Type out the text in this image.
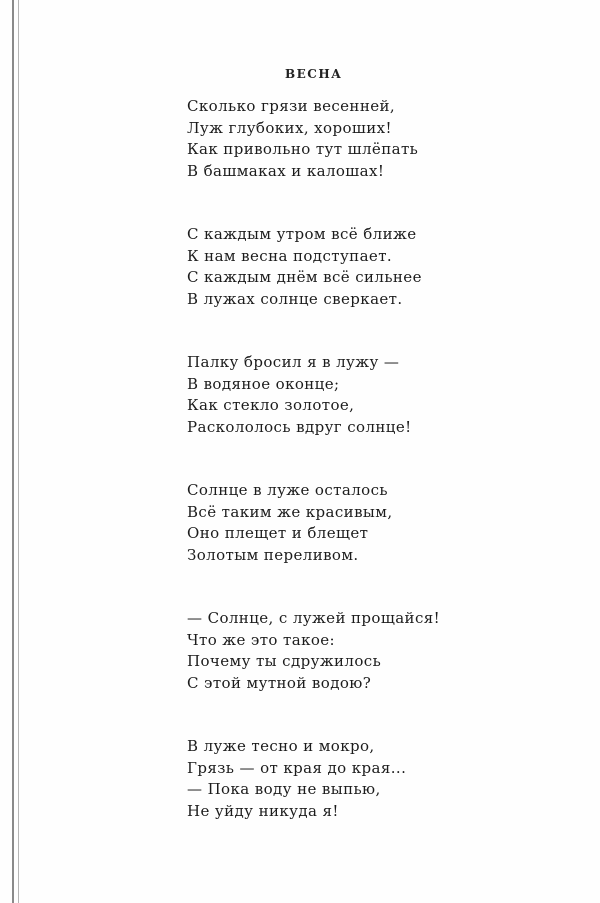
ВЕСНА
Сколько грязи весенней,
Луж глубоких, хороших!
Как привольно тут шлёпать
В башмаках и калошах!
С каждым утром всё ближе
К нам весна подступает.
С каждым днём всё сильнее
В лужах солнце сверкает.
Палку бросил я в лужу —
В водяное оконце;
Как стекло золотое,
Раскололось вдруг солнце!
Солнце в луже осталось
Всё таким же красивым,
Оно плещет и блещет
Золотым переливом.
— Солнце, с лужей прощайся!
Что же это такое:
Почему ты сдружилось
С этой мутной водою?
В луже тесно и мокро,
Грязь — от края до края...
— Пока воду не выпью,
Не уйду никуда я!
